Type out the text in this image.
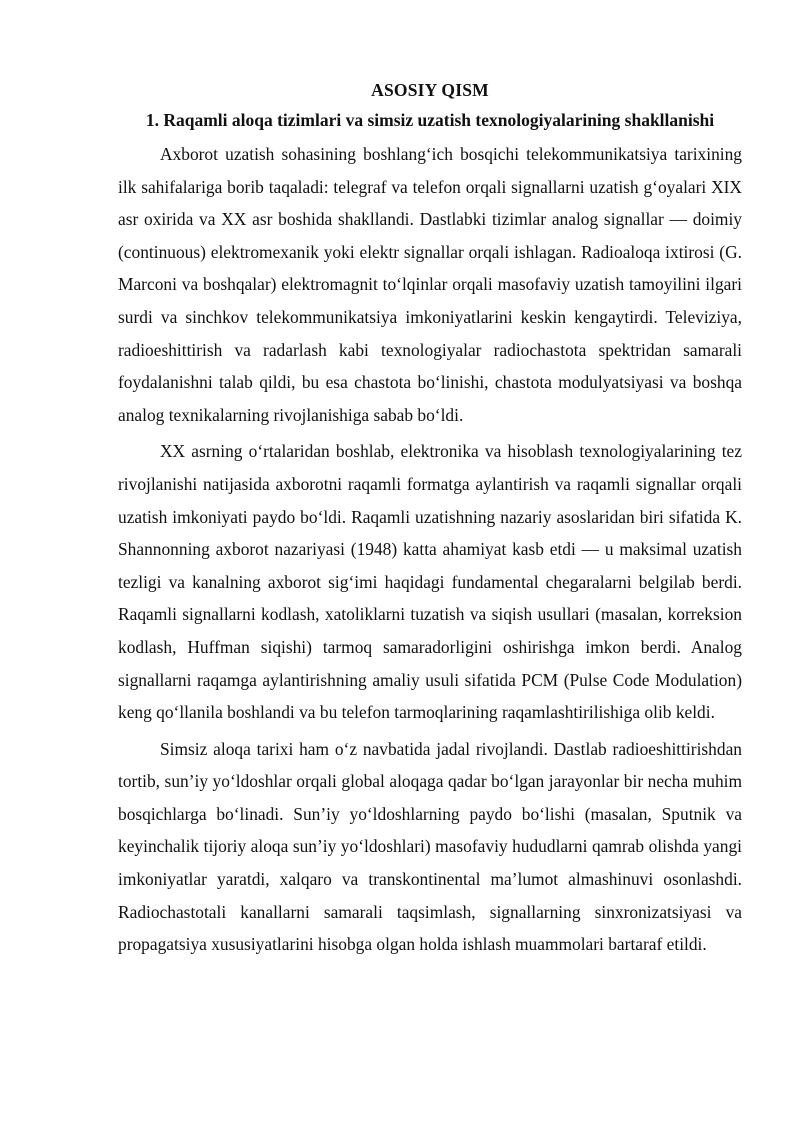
ASOSIY QISM
1. Raqamli aloqa tizimlari va simsiz uzatish texnologiyalarining shakllanishi

Axborot uzatish sohasining boshlang‘ich bosqichi telekommunikatsiya tarixining ilk sahifalariga borib taqaladi: telegraf va telefon orqali signallarni uzatish g‘oyalari XIX asr oxirida va XX asr boshida shakllandi. Dastlabki tizimlar analog signallar — doimiy (continuous) elektromexanik yoki elektr signallar orqali ishlagan. Radioaloqa ixtirosi (G. Marconi va boshqalar) elektromagnit to‘lqinlar orqali masofaviy uzatish tamoyilini ilgari surdi va sinchkov telekommunikatsiya imkoniyatlarini keskin kengaytirdi. Televiziya, radioeshittirish va radarlash kabi texnologiyalar radiochastota spektridan samarali foydalanishni talab qildi, bu esa chastota bo‘linishi, chastota modulyatsiyasi va boshqa analog texnikalarning rivojlanishiga sabab bo‘ldi.

XX asrning o‘rtalaridan boshlab, elektronika va hisoblash texnologiyalarining tez rivojlanishi natijasida axborotni raqamli formatga aylantirish va raqamli signallar orqali uzatish imkoniyati paydo bo‘ldi. Raqamli uzatishning nazariy asoslaridan biri sifatida K. Shannonning axborot nazariyasi (1948) katta ahamiyat kasb etdi — u maksimal uzatish tezligi va kanalning axborot sig‘imi haqidagi fundamental chegaralarni belgilab berdi. Raqamli signallarni kodlash, xatoliklarni tuzatish va siqish usullari (masalan, korreksion kodlash, Huffman siqishi) tarmoq samaradorligini oshirishga imkon berdi. Analog signallarni raqamga aylantirishning amaliy usuli sifatida PCM (Pulse Code Modulation) keng qo‘llanila boshlandi va bu telefon tarmoqlarining raqamlashtirilishiga olib keldi.

Simsiz aloqa tarixi ham o‘z navbatida jadal rivojlandi. Dastlab radioeshittirishdan tortib, sun’iy yo‘ldoshlar orqali global aloqaga qadar bo‘lgan jarayonlar bir necha muhim bosqichlarga bo‘linadi. Sun’iy yo‘ldoshlarning paydo bo‘lishi (masalan, Sputnik va keyinchalik tijoriy aloqa sun’iy yo‘ldoshlari) masofaviy hududlarni qamrab olishda yangi imkoniyatlar yaratdi, xalqaro va transkontinental ma’lumot almashinuvi osonlashdi. Radiochastotali kanallarni samarali taqsimlash, signallarning sinxronizatsiyasi va propagatsiya xususiyatlarini hisobga olgan holda ishlash muammolari bartaraf etildi.
